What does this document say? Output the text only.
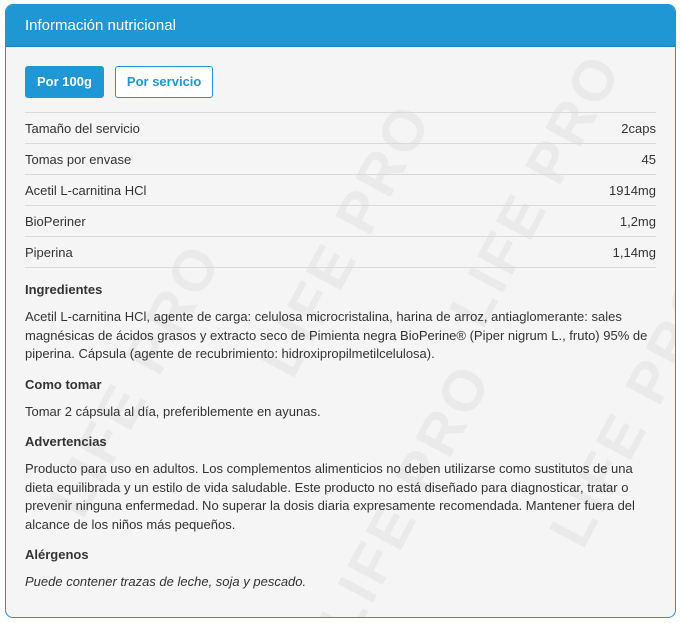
Información nutricional
Por 100g	Por servicio
Tamaño del servicio	2caps
Tomas por envase	45
Acetil L-carnitina HCl	1914mg
BioPeriner	1,2mg
Piperina	1,14mg
Ingredientes
Acetil L-carnitina HCl, agente de carga: celulosa microcristalina, harina de arroz, antiaglomerante: sales magnésicas de ácidos grasos y extracto seco de Pimienta negra BioPerine® (Piper nigrum L., fruto) 95% de piperina. Cápsula (agente de recubrimiento: hidroxipropilmetilcelulosa).
Como tomar
Tomar 2 cápsula al día, preferiblemente en ayunas.
Advertencias
Producto para uso en adultos. Los complementos alimenticios no deben utilizarse como sustitutos de una dieta equilibrada y un estilo de vida saludable. Este producto no está diseñado para diagnosticar, tratar o prevenir ninguna enfermedad. No superar la dosis diaria expresamente recomendada. Mantener fuera del alcance de los niños más pequeños.
Alérgenos
Puede contener trazas de leche, soja y pescado.
